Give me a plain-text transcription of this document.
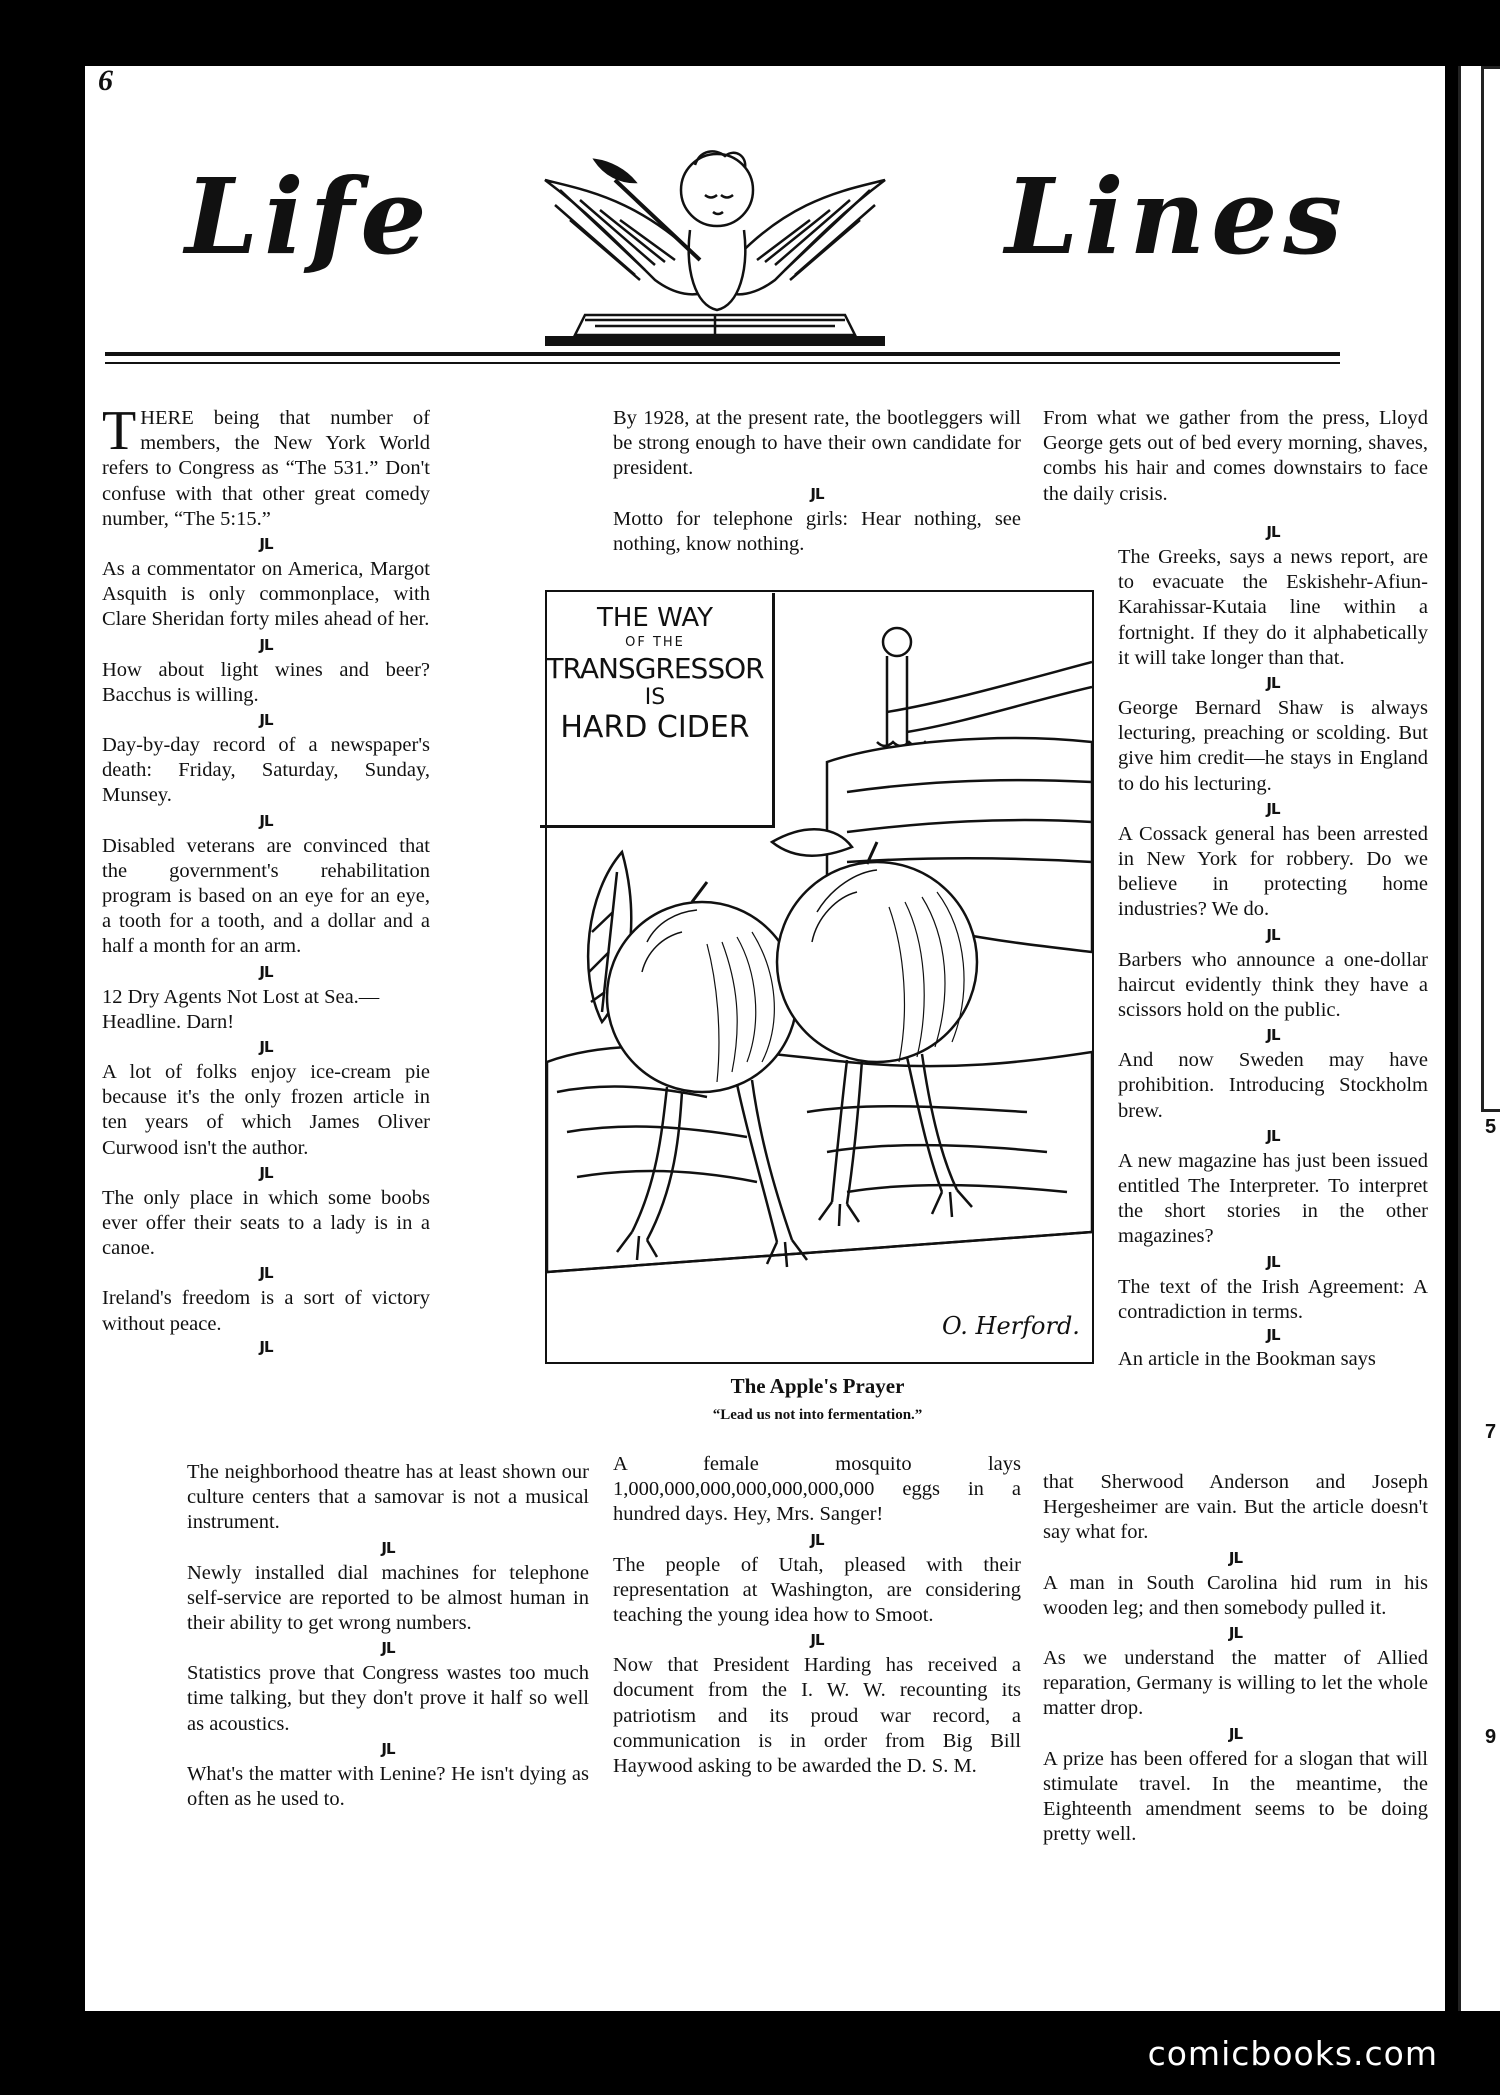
5
7
9
6
Life	Lines

THERE being that number of members, the New York World refers to Congress as “The 531.” Don't confuse with that other great comedy number, “The 5:15.”

JL

As a commentator on America, Margot Asquith is only commonplace, with Clare Sheridan forty miles ahead of her.

JL

How about light wines and beer? Bacchus is willing.

JL

Day-by-day record of a newspaper's death: Friday, Saturday, Sunday, Munsey.

JL

Disabled veterans are convinced that the government's rehabilitation program is based on an eye for an eye, a tooth for a tooth, and a dollar and a half a month for an arm.

JL

12 Dry Agents Not Lost at Sea.—Headline. Darn!

JL

A lot of folks enjoy ice-cream pie because it's the only frozen article in ten years of which James Oliver Curwood isn't the author.

JL

The only place in which some boobs ever offer their seats to a lady is in a canoe.

JL

Ireland's freedom is a sort of victory without peace.

JL

The neighborhood theatre has at least shown our culture centers that a samovar is not a musical instrument.

JL

Newly installed dial machines for telephone self-service are reported to be almost human in their ability to get wrong numbers.

JL

Statistics prove that Congress wastes too much time talking, but they don't prove it half so well as acoustics.

JL

What's the matter with Lenine? He isn't dying as often as he used to.

By 1928, at the present rate, the bootleggers will be strong enough to have their own candidate for president.

JL

Motto for telephone girls: Hear nothing, see nothing, know nothing.

O. Herford.
THE WAY
OF THE
TRANSGRESSOR
IS
HARD CIDER
The Apple's Prayer
“Lead us not into fermentation.”

A female mosquito lays 1,000,000,000,000,000,000,000 eggs in a hundred days. Hey, Mrs. Sanger!

JL

The people of Utah, pleased with their representation at Washington, are considering teaching the young idea how to Smoot.

JL

Now that President Harding has received a document from the I. W. W. recounting its patriotism and its proud war record, a communication is in order from Big Bill Haywood asking to be awarded the D. S. M.

From what we gather from the press, Lloyd George gets out of bed every morning, shaves, combs his hair and comes downstairs to face the daily crisis.

JL

The Greeks, says a news report, are to evacuate the Eskishehr-Afiun-Karahissar-Kutaia line within a fortnight. If they do it alphabetically it will take longer than that.

JL

George Bernard Shaw is always lecturing, preaching or scolding. But give him credit—he stays in England to do his lecturing.

JL

A Cossack general has been arrested in New York for robbery. Do we believe in protecting home industries? We do.

JL

Barbers who announce a one-dollar haircut evidently think they have a scissors hold on the public.

JL

And now Sweden may have prohibition. Introducing Stockholm brew.

JL

A new magazine has just been issued entitled The Interpreter. To interpret the short stories in the other magazines?

JL

The text of the Irish Agreement: A contradiction in terms.

JL

An article in the Bookman says

that Sherwood Anderson and Joseph Hergesheimer are vain. But the article doesn't say what for.

JL

A man in South Carolina hid rum in his wooden leg; and then somebody pulled it.

JL

As we understand the matter of Allied reparation, Germany is willing to let the whole matter drop.

JL

A prize has been offered for a slogan that will stimulate travel. In the meantime, the Eighteenth amendment seems to be doing pretty well.

comicbooks.com
